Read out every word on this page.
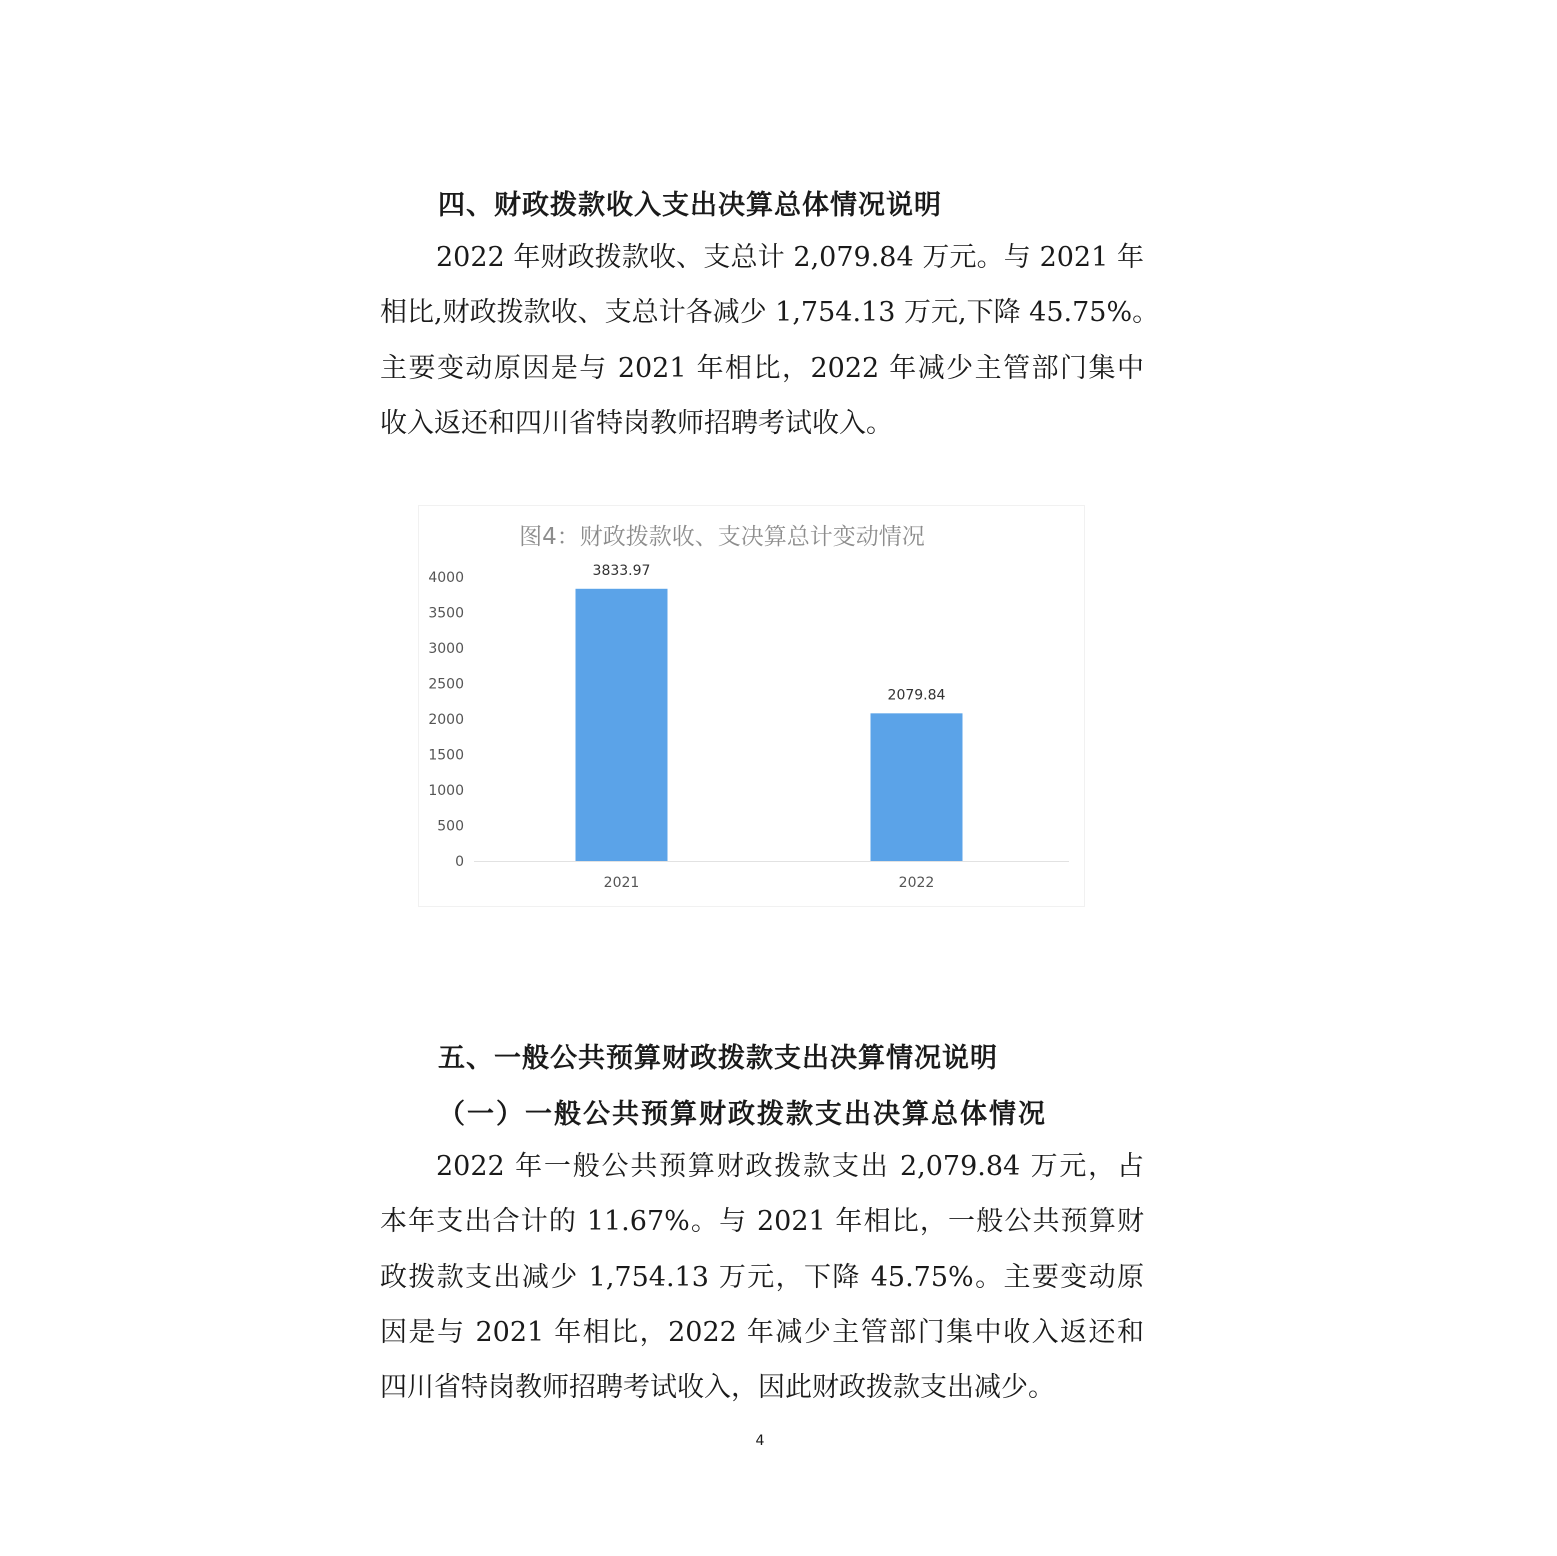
四、财政拨款收入支出决算总体情况说明
2022 年财政拨款收、支总计 2,079.84 万元。与 2021 年
相比,财政拨款收、支总计各减少 1,754.13 万元,下降 45.75%。
主要变动原因是与 2021 年相比，2022 年减少主管部门集中
收入返还和四川省特岗教师招聘考试收入。
图4：财政拨款收、支决算总计变动情况
0
500
1000
1500
2000
2500
3000
3500
4000	3833.97
2079.84
2021	2022
五、一般公共预算财政拨款支出决算情况说明
（一）一般公共预算财政拨款支出决算总体情况
2022 年一般公共预算财政拨款支出 2,079.84 万元，占
本年支出合计的 11.67%。与 2021 年相比，一般公共预算财
政拨款支出减少 1,754.13 万元，下降 45.75%。主要变动原
因是与 2021 年相比，2022 年减少主管部门集中收入返还和
四川省特岗教师招聘考试收入，因此财政拨款支出减少。
4
